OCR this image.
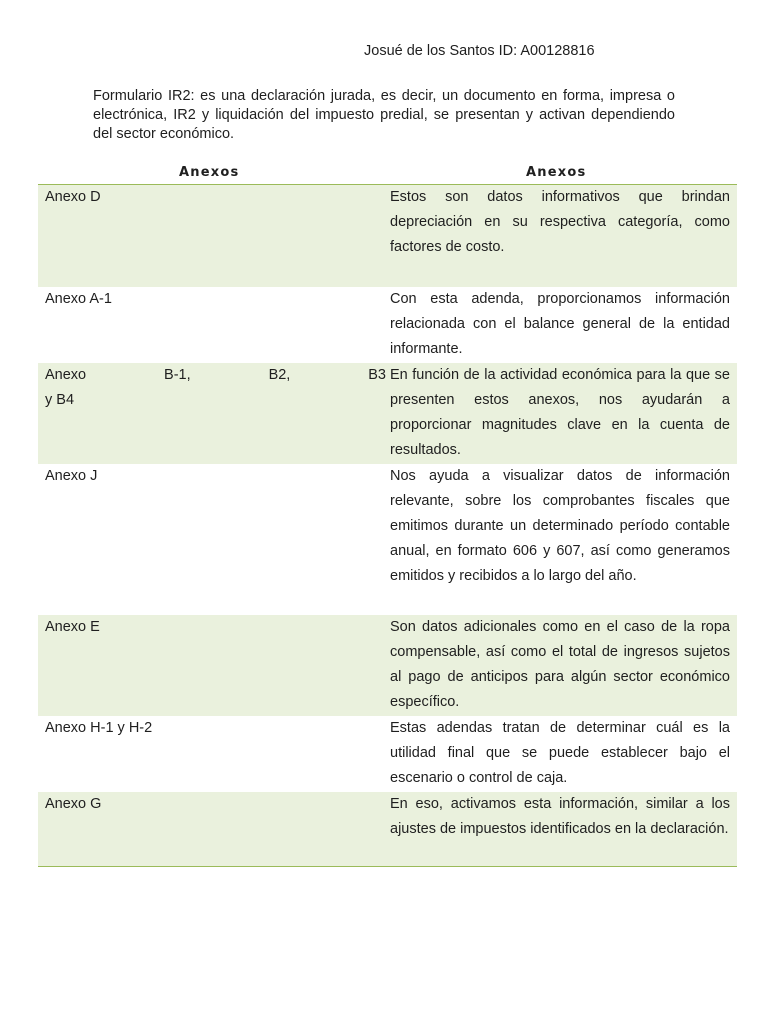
Josué de los Santos ID: A00128816

Formulario IR2: es una declaración jurada, es decir, un documento en forma, impresa o electrónica, IR2 y liquidación del impuesto predial, se presentan y activan dependiendo del sector económico.

Anexos	Anexos
Anexo D	Estos son datos informativos que brindan depreciación en su respectiva categoría, como factores de costo.
Anexo A-1	Con esta adenda, proporcionamos información relacionada con el balance general de la entidad informante.

Anexo B-1, B2, B3
y B4	En función de la actividad económica para la que se presenten estos anexos, nos ayudarán a proporcionar magnitudes clave en la cuenta de resultados.
Anexo J	Nos ayuda a visualizar datos de información relevante, sobre los comprobantes fiscales que emitimos durante un determinado período contable anual, en formato 606 y 607, así como generamos emitidos y recibidos a lo largo del año.
Anexo E	Son datos adicionales como en el caso de la ropa compensable, así como el total de ingresos sujetos al pago de anticipos para algún sector económico específico.
Anexo H-1 y H-2	Estas adendas tratan de determinar cuál es la utilidad final que se puede establecer bajo el escenario o control de caja.
Anexo G	En eso, activamos esta información, similar a los ajustes de impuestos identificados en la declaración.
